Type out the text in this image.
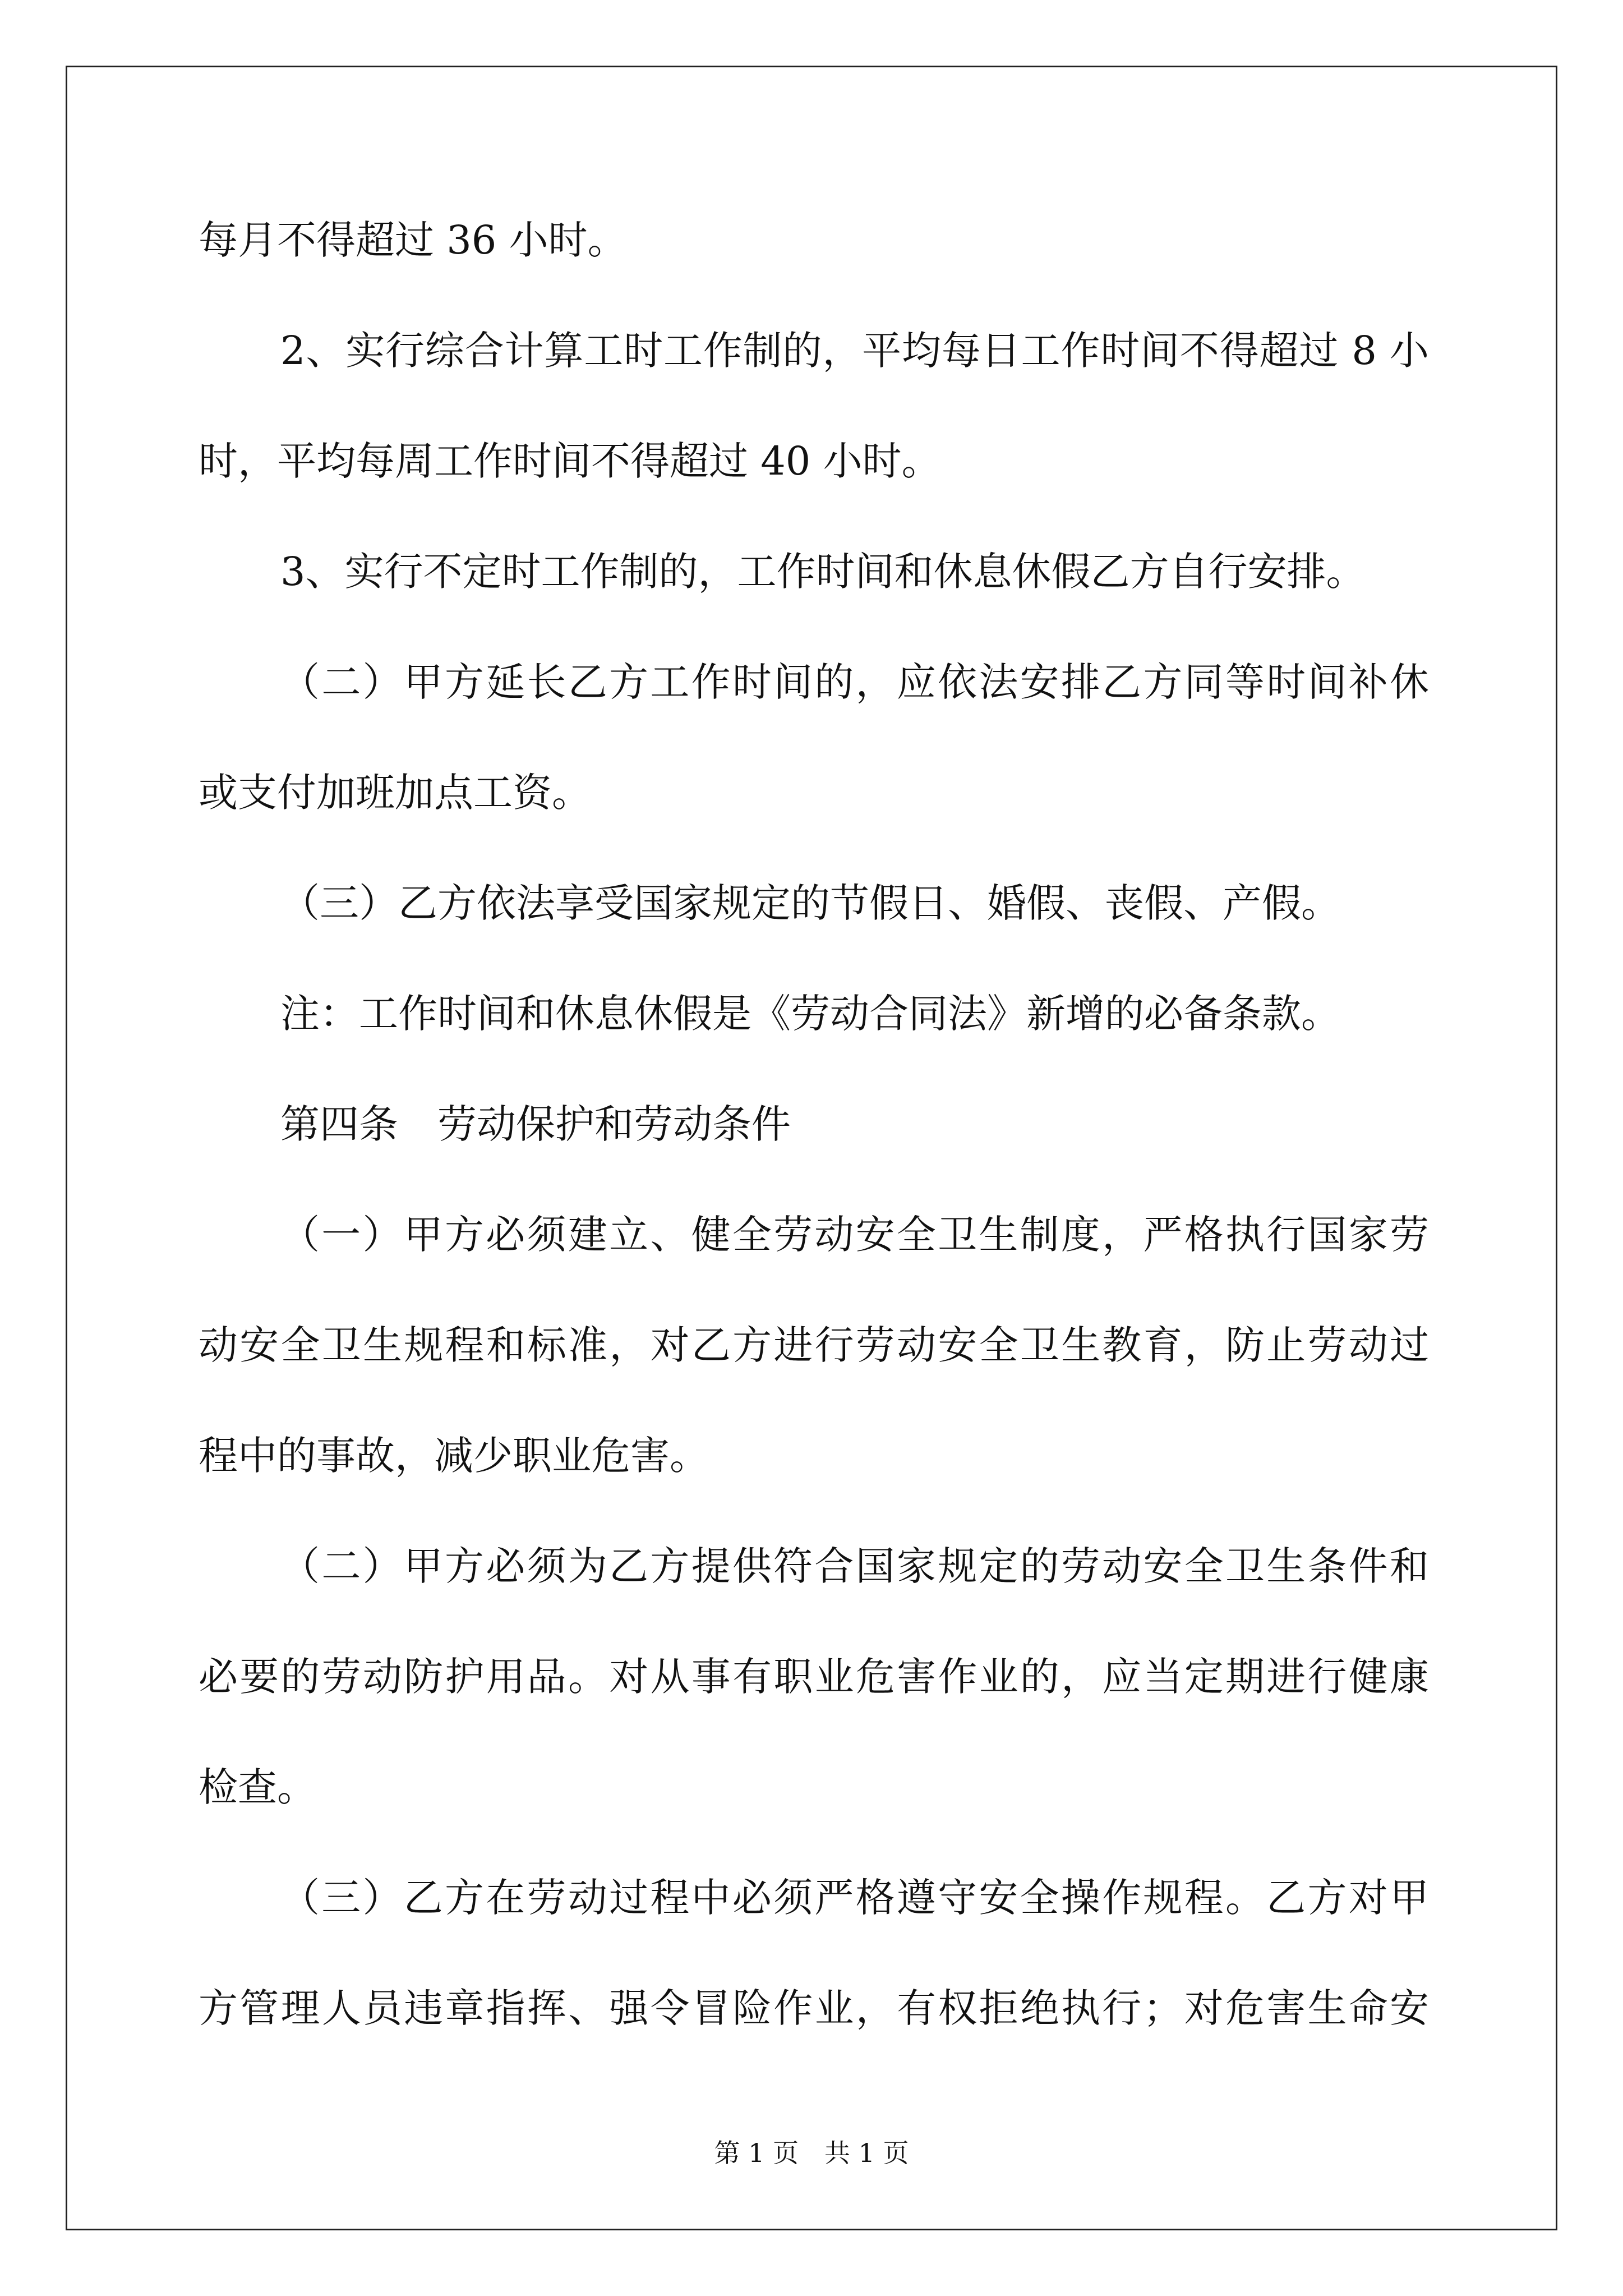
每月不得超过 36 小时。

2、实行综合计算工时工作制的，平均每日工作时间不得超过 8 小

时，平均每周工作时间不得超过 40 小时。

3、实行不定时工作制的，工作时间和休息休假乙方自行安排。

（二）甲方延长乙方工作时间的，应依法安排乙方同等时间补休

或支付加班加点工资。

（三）乙方依法享受国家规定的节假日、婚假、丧假、产假。

注：工作时间和休息休假是《劳动合同法》新增的必备条款。

第四条　劳动保护和劳动条件

（一）甲方必须建立、健全劳动安全卫生制度，严格执行国家劳

动安全卫生规程和标准，对乙方进行劳动安全卫生教育，防止劳动过

程中的事故，减少职业危害。

（二）甲方必须为乙方提供符合国家规定的劳动安全卫生条件和

必要的劳动防护用品。对从事有职业危害作业的，应当定期进行健康

检查。

（三）乙方在劳动过程中必须严格遵守安全操作规程。乙方对甲

方管理人员违章指挥、强令冒险作业，有权拒绝执行；对危害生命安

第 1 页　共 1 页
